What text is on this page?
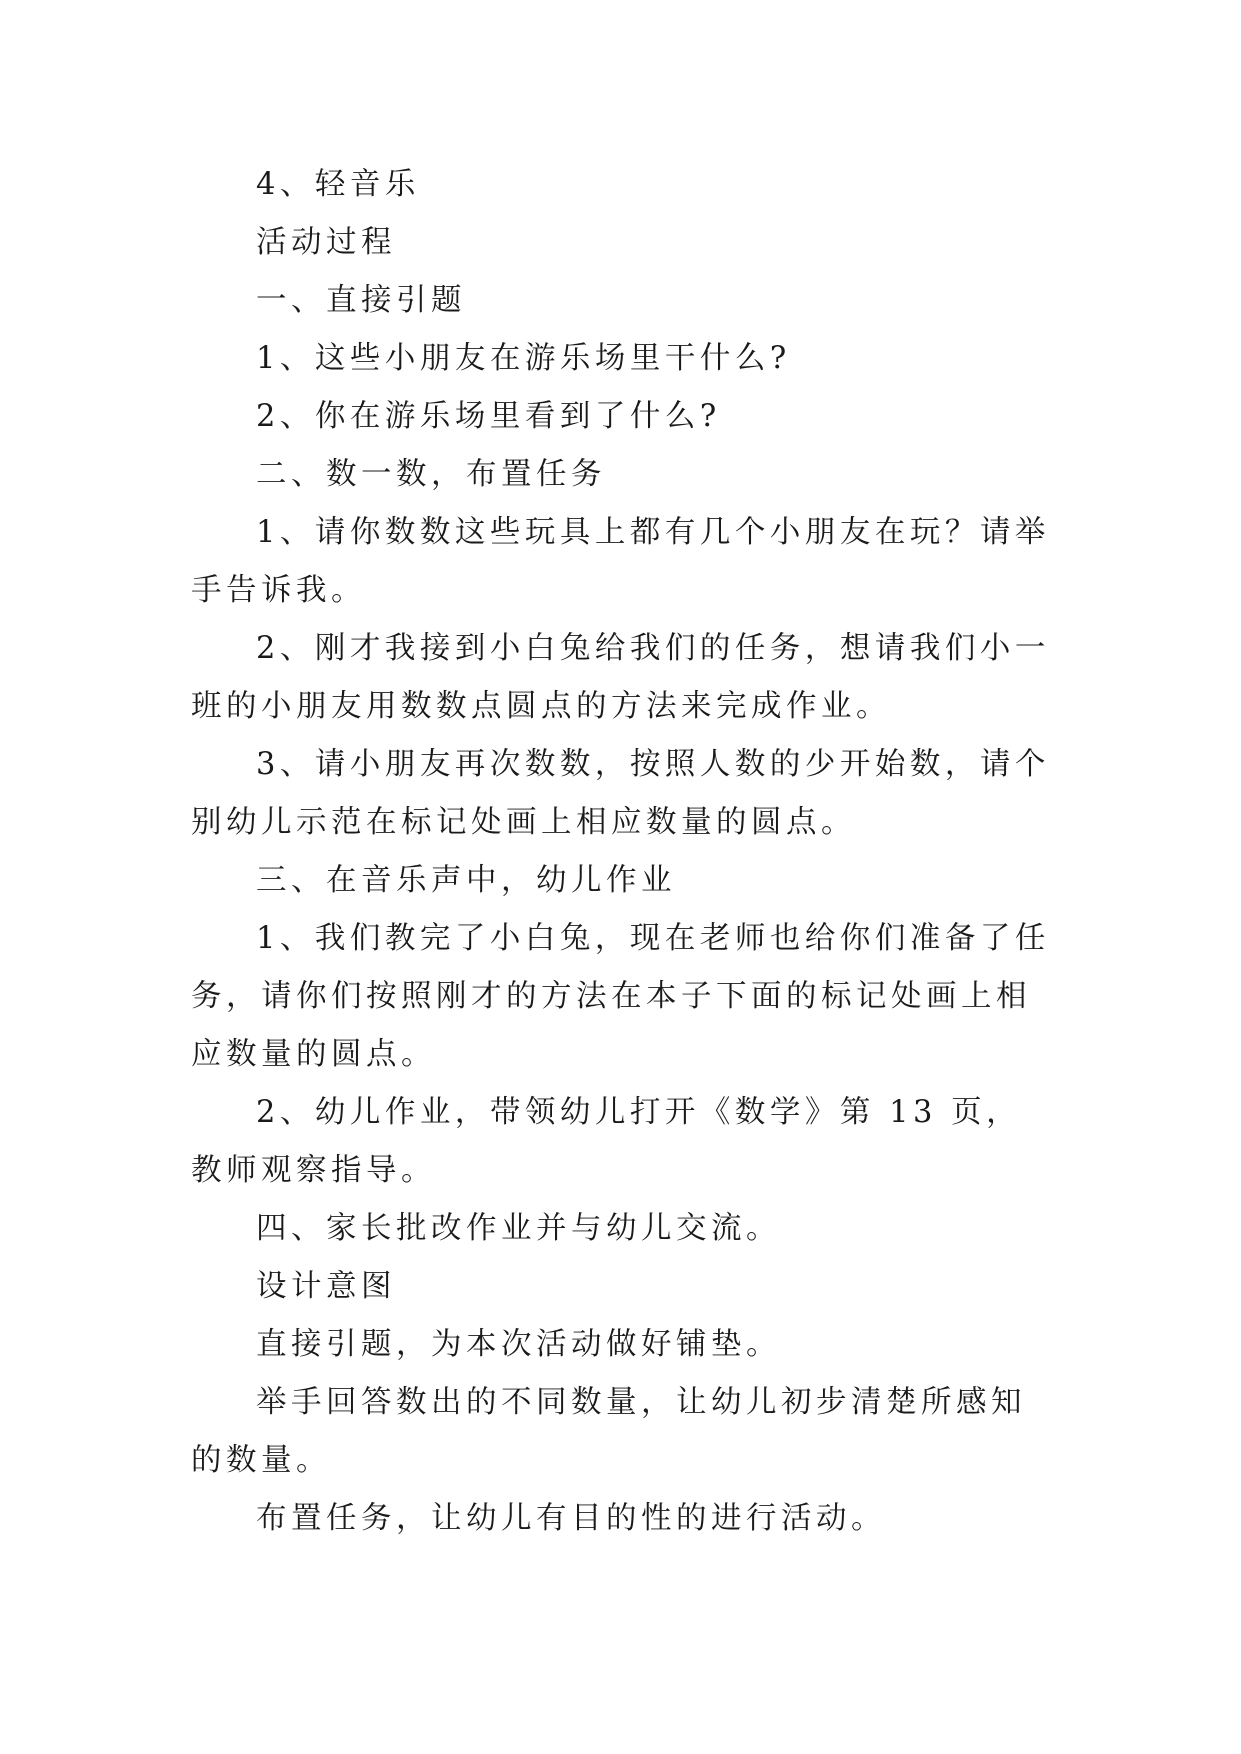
4、轻音乐

活动过程

一、直接引题

1、这些小朋友在游乐场里干什么?

2、你在游乐场里看到了什么?

二、数一数，布置任务

1、请你数数这些玩具上都有几个小朋友在玩？请举手告诉我。

2、刚才我接到小白兔给我们的任务，想请我们小一班的小朋友用数数点圆点的方法来完成作业。

3、请小朋友再次数数，按照人数的少开始数，请个别幼儿示范在标记处画上相应数量的圆点。

三、在音乐声中，幼儿作业

1、我们教完了小白兔，现在老师也给你们准备了任务，请你们按照刚才的方法在本子下面的标记处画上相应数量的圆点。

2、幼儿作业，带领幼儿打开《数学》第 13 页，教师观察指导。

四、家长批改作业并与幼儿交流。

设计意图

直接引题，为本次活动做好铺垫。

举手回答数出的不同数量，让幼儿初步清楚所感知的数量。

布置任务，让幼儿有目的性的进行活动。
